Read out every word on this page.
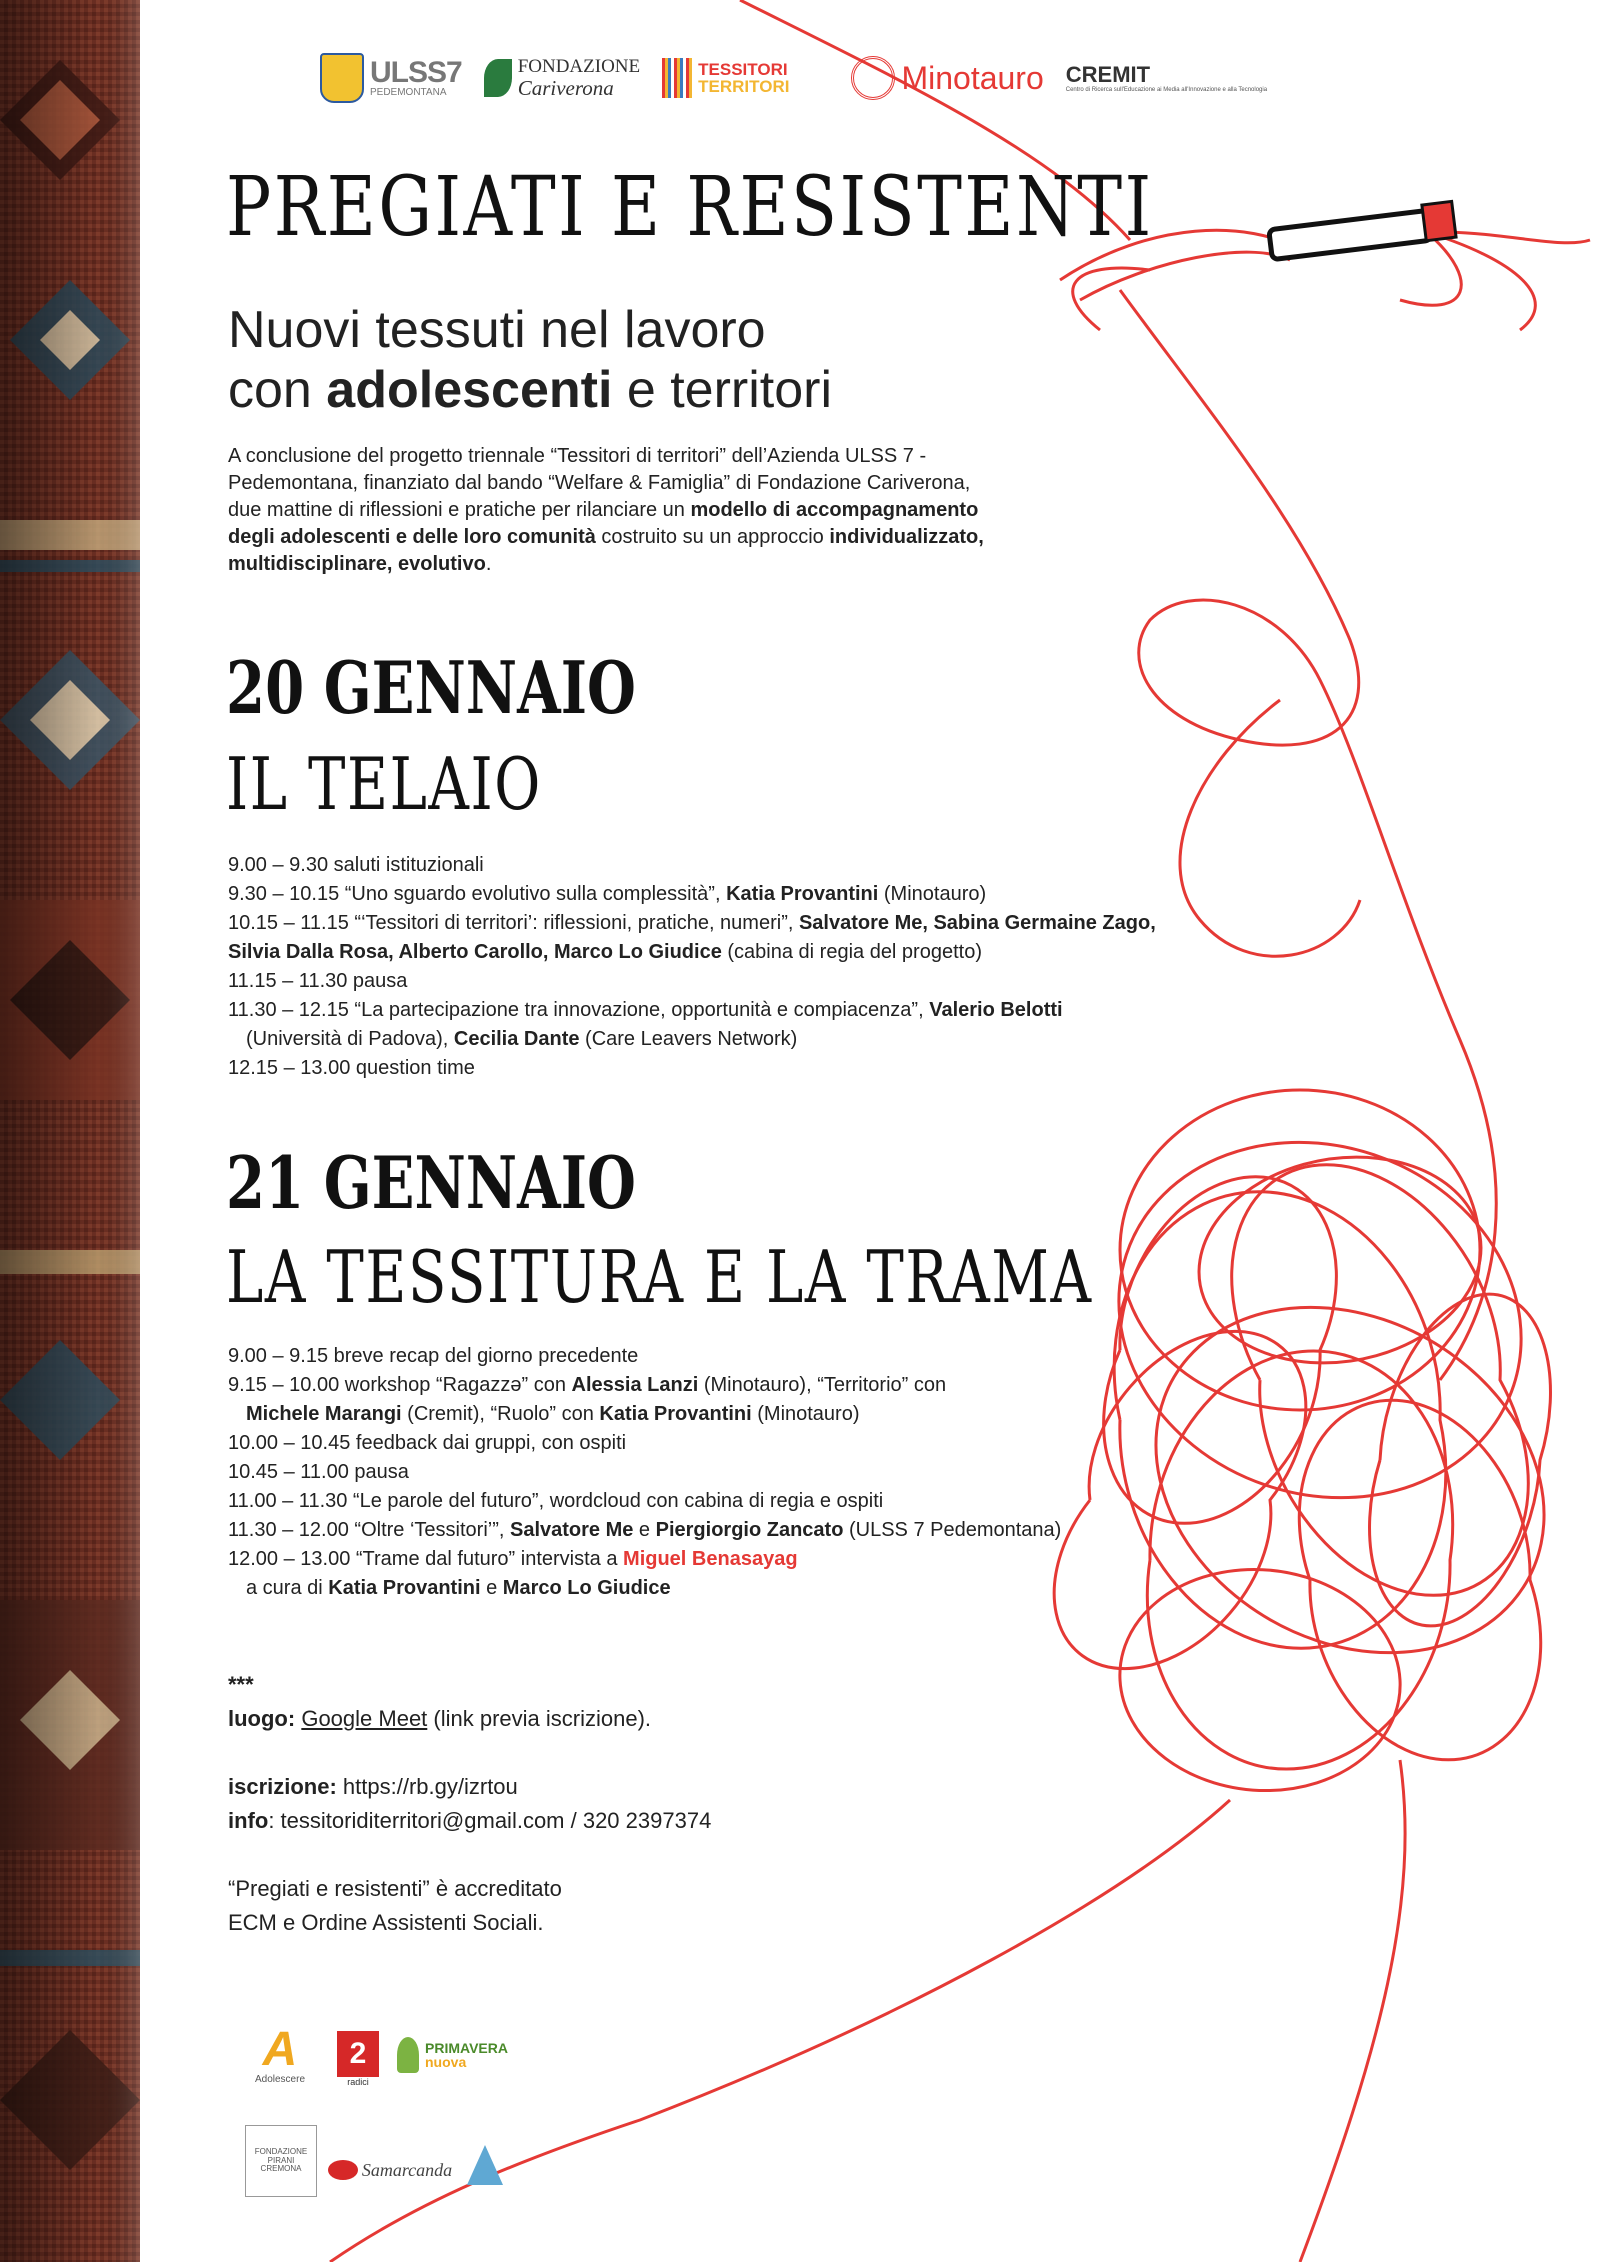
ULSS7
PEDEMONTANA
FONDAZIONE
Cariverona
TESSITORI
TERRITORI	Minotauro CREMIT
Centro di Ricerca sull'Educazione ai Media all'Innovazione e alla Tecnologia
PREGIATI E RESISTENTI
Nuovi tessuti nel lavoro
con adolescenti e territori
A conclusione del progetto triennale “Tessitori di territori” dell’Azienda ULSS 7 - Pedemontana, finanziato dal bando “Welfare & Famiglia” di Fondazione Cariverona, due mattine di riflessioni e pratiche per rilanciare un modello di accompagnamento degli adolescenti e delle loro comunità costruito su un approccio individualizzato, multidisciplinare, evolutivo.
20 GENNAIO
IL TELAIO
9.00 – 9.30 saluti istituzionali
9.30 – 10.15 “Uno sguardo evolutivo sulla complessità”, Katia Provantini (Minotauro)
10.15 – 11.15 “‘Tessitori di territori’: riflessioni, pratiche, numeri”, Salvatore Me, Sabina Germaine Zago,
Silvia Dalla Rosa, Alberto Carollo, Marco Lo Giudice (cabina di regia del progetto)
11.15 – 11.30 pausa
11.30 – 12.15 “La partecipazione tra innovazione, opportunità e compiacenza”, Valerio Belotti
(Università di Padova), Cecilia Dante (Care Leavers Network)
12.15 – 13.00 question time
21 GENNAIO
LA TESSITURA E LA TRAMA
9.00 – 9.15 breve recap del giorno precedente
9.15 – 10.00 workshop “Ragazzə” con Alessia Lanzi (Minotauro), “Territorio” con
Michele Marangi (Cremit), “Ruolo” con Katia Provantini (Minotauro)
10.00 – 10.45 feedback dai gruppi, con ospiti
10.45 – 11.00 pausa
11.00 – 11.30 “Le parole del futuro”, wordcloud con cabina di regia e ospiti
11.30 – 12.00 “Oltre ‘Tessitori’”, Salvatore Me e Piergiorgio Zancato (ULSS 7 Pedemontana)
12.00 – 13.00 “Trame dal futuro” intervista a Miguel Benasayag
a cura di Katia Provantini e Marco Lo Giudice
***
luogo: Google Meet (link previa iscrizione).
iscrizione: https://rb.gy/izrtou
info: tessitoriditerritori@gmail.com / 320 2397374
“Pregiati e resistenti” è accreditato
ECM e Ordine Assistenti Sociali.
A
Adolescere
2
radici
PRIMAVERA
nuova
FONDAZIONE
PIRANI
CREMONA	Samarcanda
